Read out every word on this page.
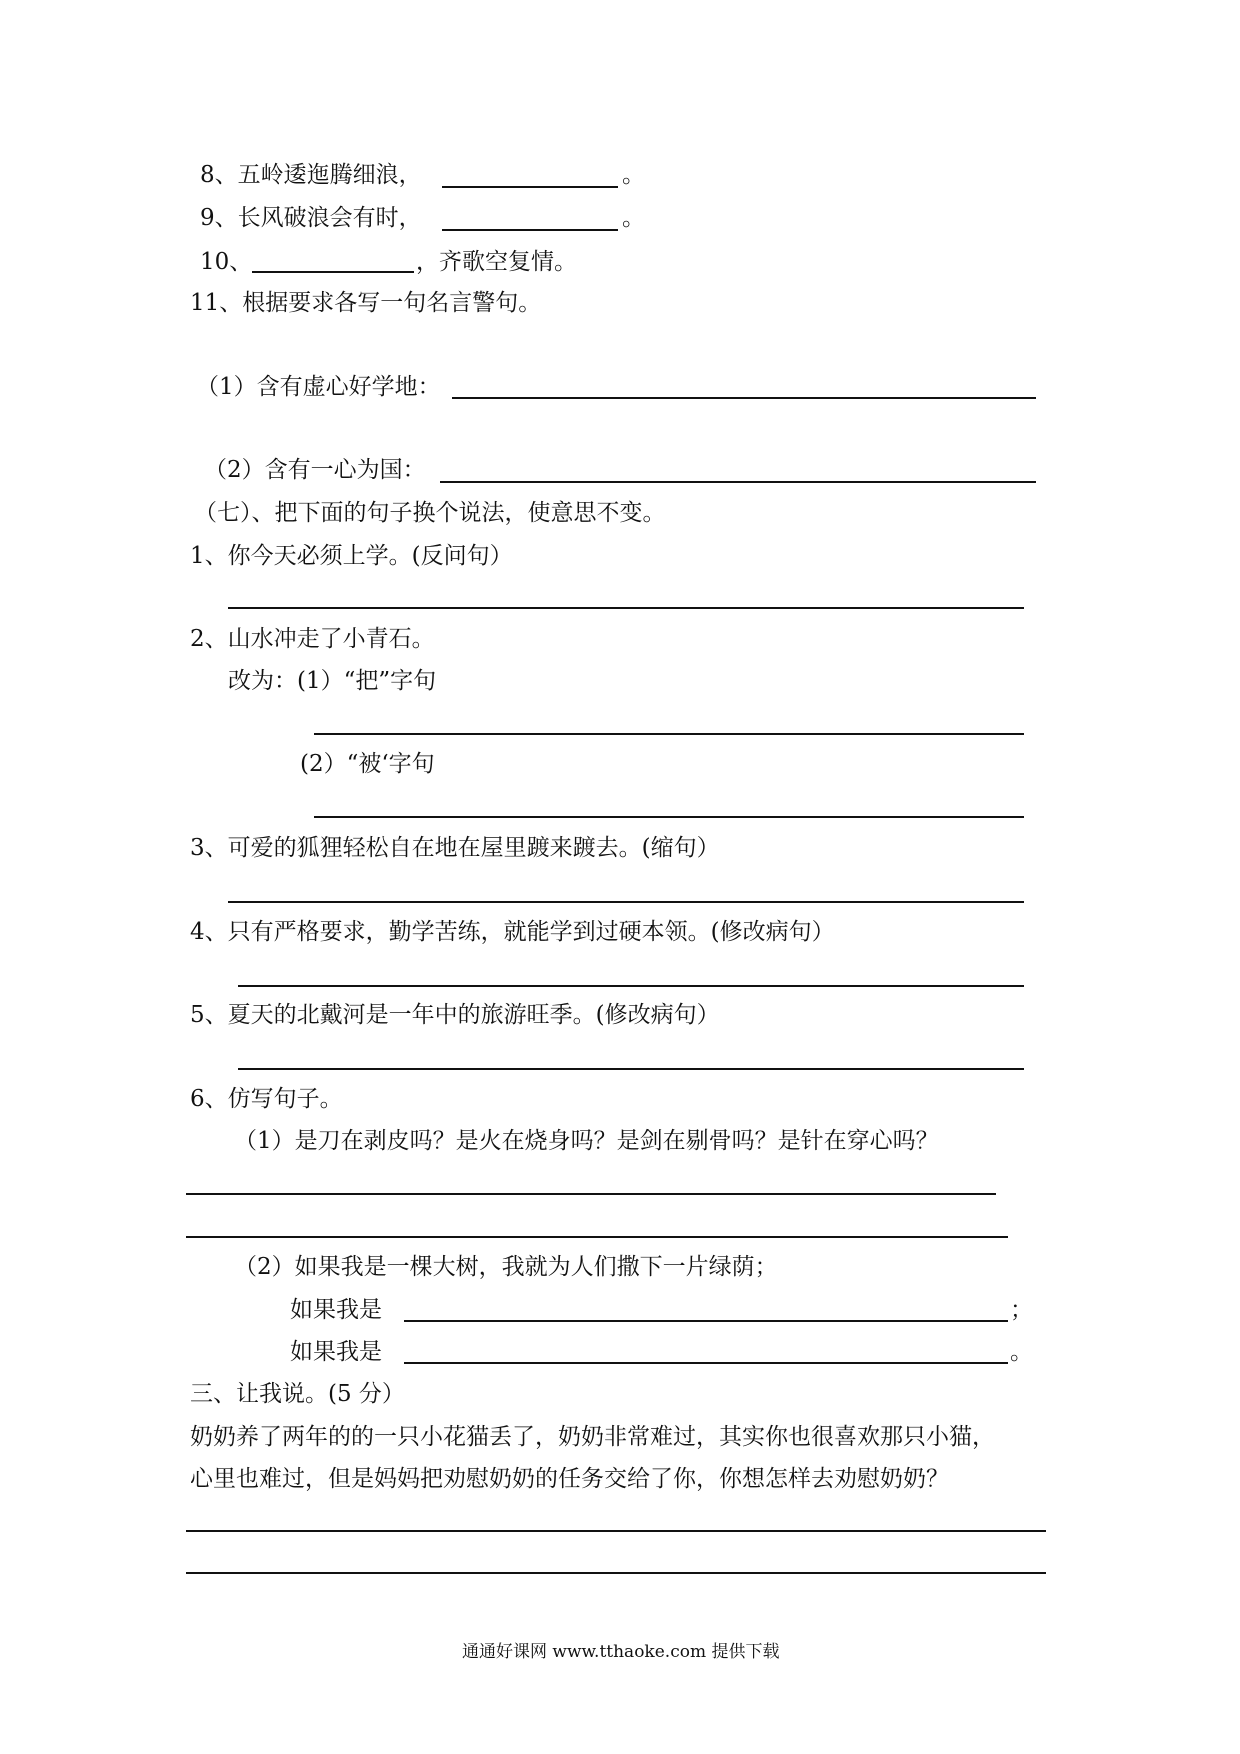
8、五岭逶迤腾细浪，	。
9、长风破浪会有时，	。
10、	，齐歌空复情。
11、根据要求各写一句名言警句。
（1）含有虚心好学地：
（2）含有一心为国：
（七）、把下面的句子换个说法，使意思不变。
1、你今天必须上学。(反问句）
2、山水冲走了小青石。
改为：(1）“把”字句
(2）“被‘字句
3、可爱的狐狸轻松自在地在屋里踱来踱去。(缩句）
4、只有严格要求，勤学苦练，就能学到过硬本领。(修改病句）
5、夏天的北戴河是一年中的旅游旺季。(修改病句）
6、仿写句子。
（1）是刀在剥皮吗？是火在烧身吗？是剑在剔骨吗？是针在穿心吗？
（2）如果我是一棵大树，我就为人们撒下一片绿荫；
如果我是	；
如果我是	。
三、让我说。(5 分）
奶奶养了两年的的一只小花猫丢了，奶奶非常难过，其实你也很喜欢那只小猫，
心里也难过，但是妈妈把劝慰奶奶的任务交给了你，你想怎样去劝慰奶奶？
通通好课网 www.tthaoke.com 提供下载
